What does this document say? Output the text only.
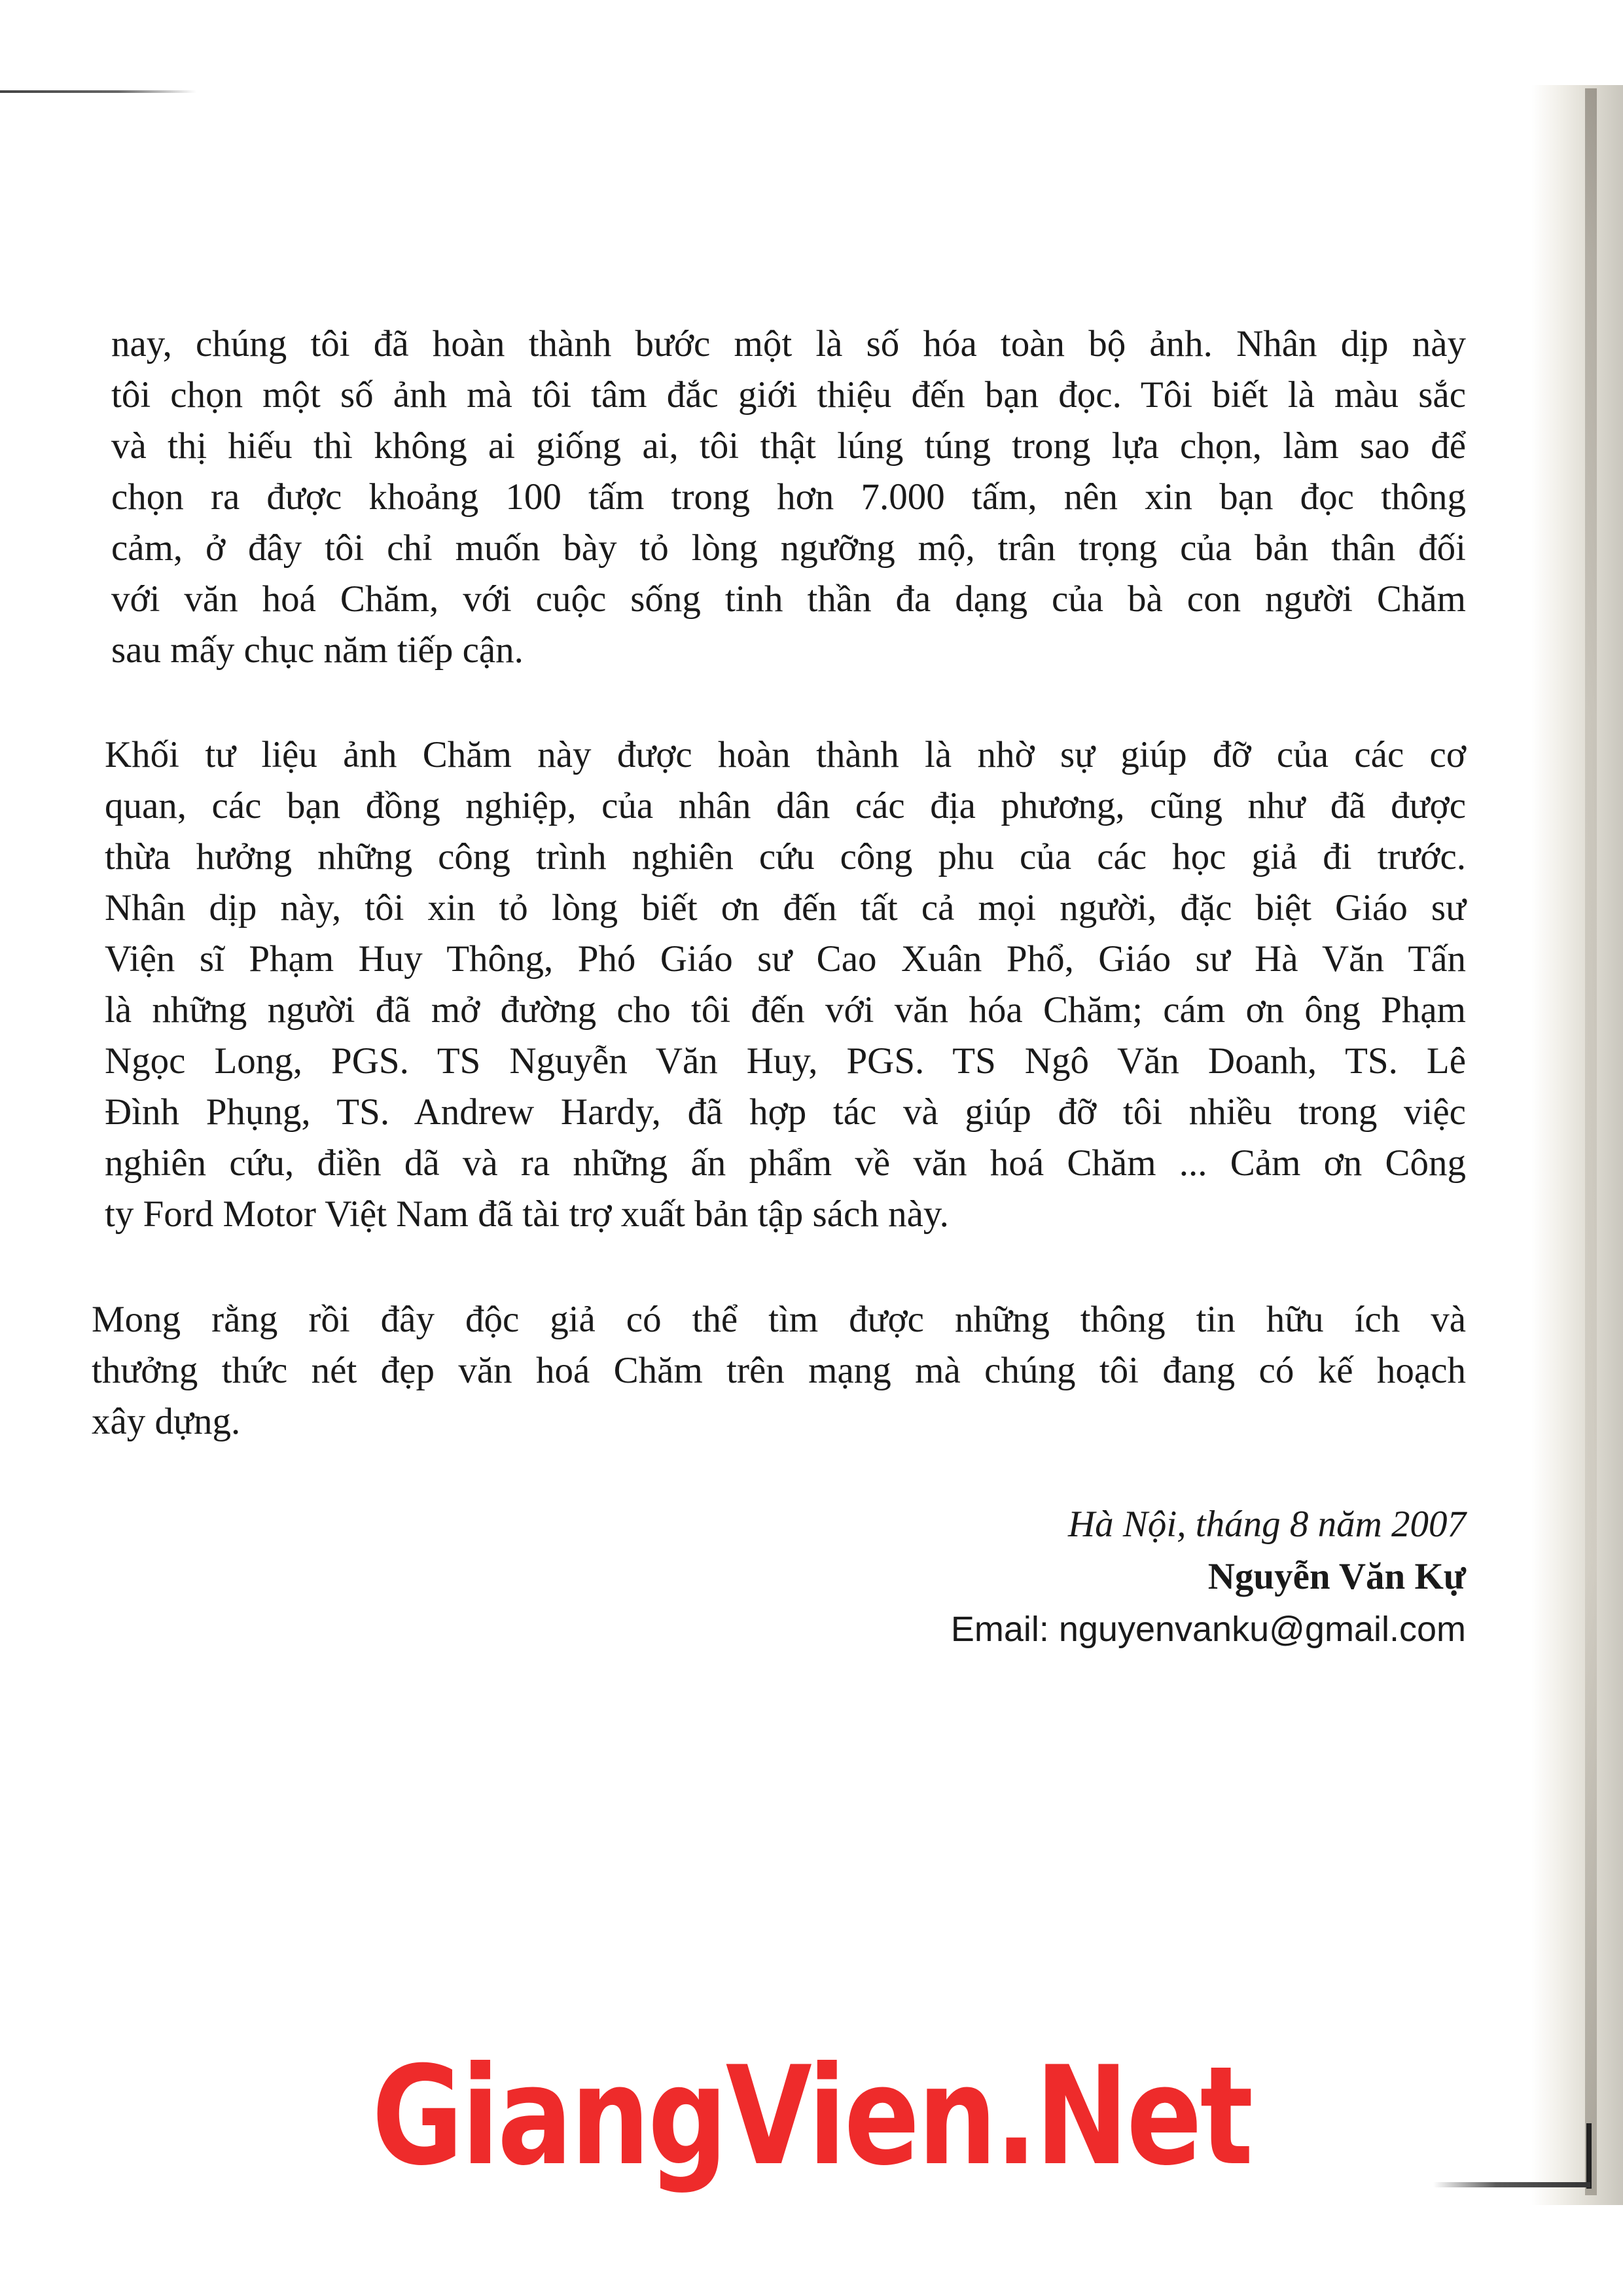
nay, chúng tôi đã hoàn thành bước một là số hóa toàn bộ ảnh. Nhân dịp này
tôi chọn một số ảnh mà tôi tâm đắc giới thiệu đến bạn đọc. Tôi biết là màu sắc
và thị hiếu thì không ai giống ai, tôi thật lúng túng trong lựa chọn, làm sao để
chọn ra được khoảng 100 tấm trong hơn 7.000 tấm, nên xin bạn đọc thông
cảm, ở đây tôi chỉ muốn bày tỏ lòng ngưỡng mộ, trân trọng của bản thân đối
với văn hoá Chăm, với cuộc sống tinh thần đa dạng của bà con người Chăm
sau mấy chục năm tiếp cận.
Khối tư liệu ảnh Chăm này được hoàn thành là nhờ sự giúp đỡ của các cơ
quan, các bạn đồng nghiệp, của nhân dân các địa phương, cũng như đã được
thừa hưởng những công trình nghiên cứu công phu của các học giả đi trước.
Nhân dịp này, tôi xin tỏ lòng biết ơn đến tất cả mọi người, đặc biệt Giáo sư
Viện sĩ Phạm Huy Thông, Phó Giáo sư Cao Xuân Phổ, Giáo sư Hà Văn Tấn
là những người đã mở đường cho tôi đến với văn hóa Chăm; cám ơn ông Phạm
Ngọc Long, PGS. TS Nguyễn Văn Huy, PGS. TS Ngô Văn Doanh, TS. Lê
Đình Phụng, TS. Andrew Hardy, đã hợp tác và giúp đỡ tôi nhiều trong việc
nghiên cứu, điền dã và ra những ấn phẩm về văn hoá Chăm ... Cảm ơn Công
ty Ford Motor Việt Nam đã tài trợ xuất bản tập sách này.
Mong rằng rồi đây độc giả có thể tìm được những thông tin hữu ích và
thưởng thức nét đẹp văn hoá Chăm trên mạng mà chúng tôi đang có kế hoạch
xây dựng.
Hà Nội, tháng 8 năm 2007
Nguyễn Văn Kự
Email: nguyenvanku@gmail.com
GiangVien.Net
